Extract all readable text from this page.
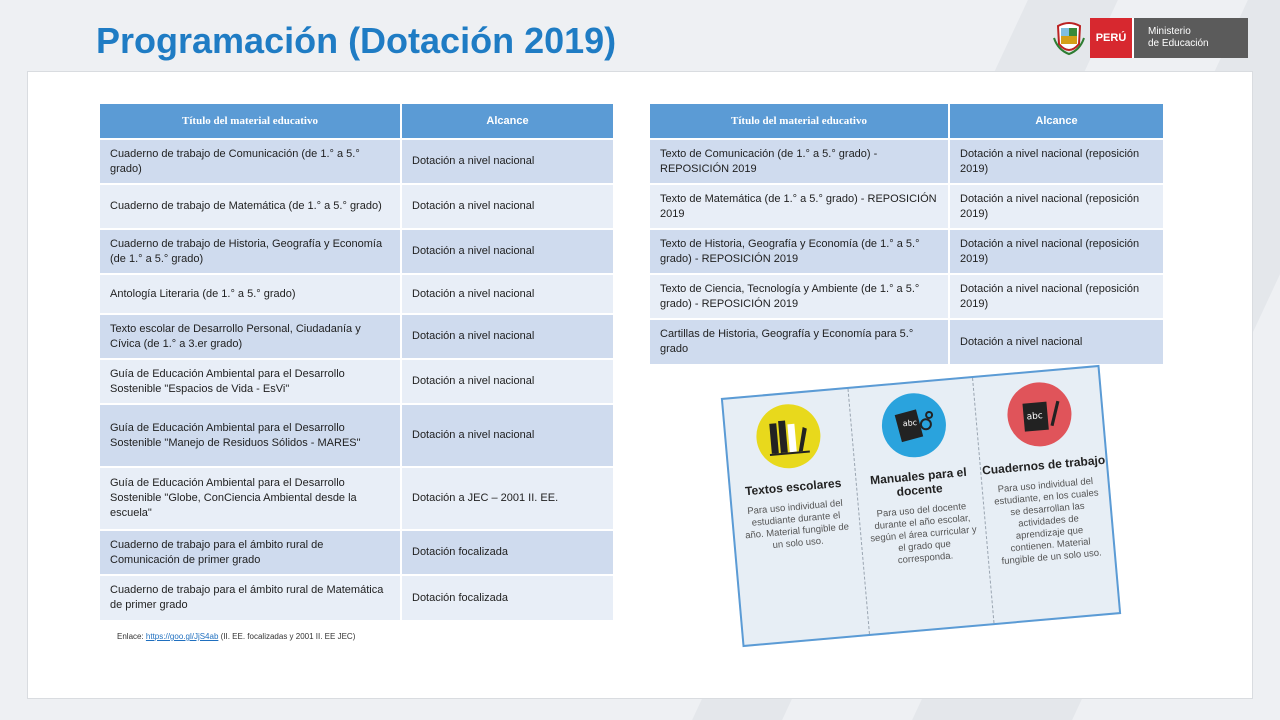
Programación (Dotación 2019)	PERÚ
Ministerio
de Educación
Título del material educativo	Alcance
Cuaderno de trabajo de Comunicación (de 1.° a 5.° grado)	Dotación a nivel nacional
Cuaderno de trabajo de Matemática (de 1.° a 5.° grado)	Dotación a nivel nacional
Cuaderno de trabajo de Historia, Geografía y Economía (de 1.° a 5.° grado)	Dotación a nivel nacional
Antología Literaria (de 1.° a 5.° grado)	Dotación a nivel nacional
Texto escolar de Desarrollo Personal, Ciudadanía y Cívica (de 1.° a 3.er grado)	Dotación a nivel nacional
Guía de Educación Ambiental para el Desarrollo Sostenible "Espacios de Vida - EsVi"	Dotación a nivel nacional
Guía de Educación Ambiental para el Desarrollo Sostenible "Manejo de Residuos Sólidos - MARES"	Dotación a nivel nacional
Guía de Educación Ambiental para el Desarrollo Sostenible "Globe, ConCiencia Ambiental desde la escuela"	Dotación a JEC – 2001 II. EE.
Cuaderno de trabajo para el ámbito rural de Comunicación de primer grado	Dotación focalizada
Cuaderno de trabajo para el ámbito rural de Matemática de primer grado	Dotación focalizada
Título del material educativo	Alcance
Texto de Comunicación (de 1.° a 5.° grado) - REPOSICIÓN 2019	Dotación a nivel nacional (reposición 2019)
Texto de Matemática (de 1.° a 5.° grado) - REPOSICIÓN 2019	Dotación a nivel nacional (reposición 2019)
Texto de Historia, Geografía y Economía (de 1.° a 5.° grado) - REPOSICIÓN 2019	Dotación a nivel nacional (reposición 2019)
Texto de Ciencia, Tecnología y Ambiente (de 1.° a 5.° grado) - REPOSICIÓN 2019	Dotación a nivel nacional (reposición 2019)
Cartillas de Historia, Geografía y Economía para 5.° grado	Dotación a nivel nacional
Enlace: https://goo.gl/JjS4ab (II. EE. focalizadas y 2001 II. EE JEC)
Textos escolares
Para uso individual del estudiante durante el año. Material fungible de un solo uso.
abc
Manuales para el docente
Para uso del docente durante el año escolar, según el área curricular y el grado que corresponda.
abc
Cuadernos de trabajo
Para uso individual del estudiante, en los cuales se desarrollan las actividades de aprendizaje que contienen. Material fungible de un solo uso.
